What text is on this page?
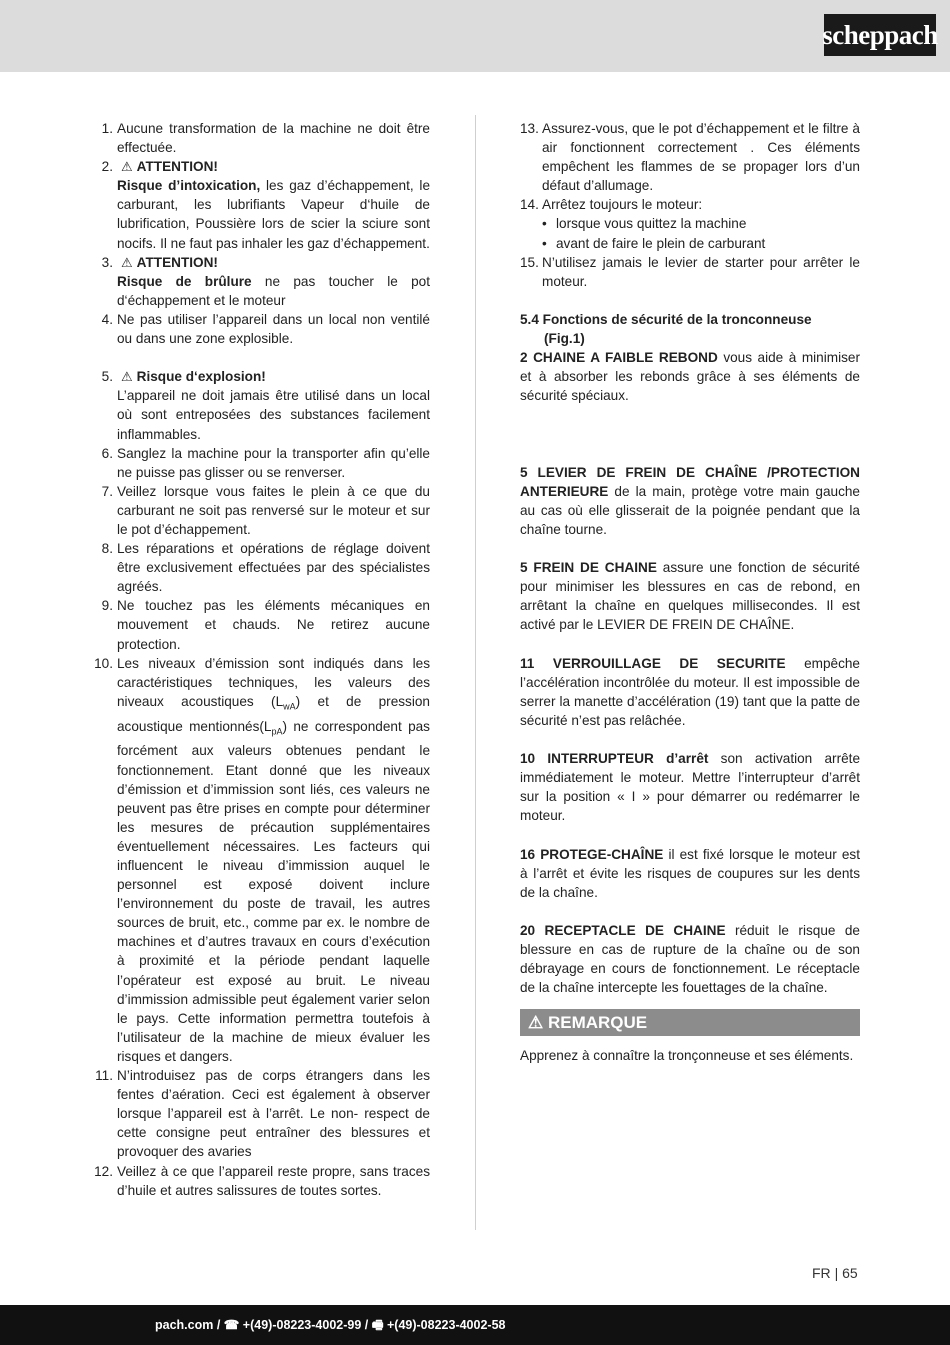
scheppach
1. Aucune transformation de la machine ne doit être effectuée.
2. ⚠ ATTENTION!
Risque d’intoxication, les gaz d’échappement, le carburant, les lubrifiants Vapeur d‘huile de lubrification, Poussière lors de scier la sciure sont nocifs. Il ne faut pas inhaler les gaz d’échappement.
3. ⚠ ATTENTION!
Risque de brûlure ne pas toucher le pot d‘échappement et le moteur
4. Ne pas utiliser l’appareil dans un local non ventilé ou dans une zone explosible.
5. ⚠ Risque d‘explosion!
L’appareil ne doit jamais être utilisé dans un local où sont entreposées des substances facilement inflammables.
6. Sanglez la machine pour la transporter afin qu’elle ne puisse pas glisser ou se renverser.
7. Veillez lorsque vous faites le plein à ce que du carburant ne soit pas renversé sur le moteur et sur le pot d’échappement.
8. Les réparations et opérations de réglage doivent être exclusivement effectuées par des spécialistes agréés.
9. Ne touchez pas les éléments mécaniques en mouvement et chauds. Ne retirez aucune protection.
10. Les niveaux d’émission sont indiqués dans les caractéristiques techniques, les valeurs des niveaux acoustiques $(L_{wA})$ et de pression acoustique $mentionnés(L_{pA})$ ne correspondent pas forcément aux valeurs obtenues pendant le fonctionnement. Etant donné que les niveaux d’émission et d’immission sont liés, ces valeurs ne peuvent pas être prises en compte pour déterminer les mesures de précaution supplémentaires éventuellement nécessaires. Les facteurs qui influencent le niveau d’immission auquel le personnel est exposé doivent inclure l’environnement du poste de travail, les autres sources de bruit, etc., comme par ex. le nombre de machines et d’autres travaux en cours d’exécution à proximité et la période pendant laquelle l’opérateur est exposé au bruit. Le niveau d’immission admissible peut également varier selon le pays. Cette information permettra toutefois à l’utilisateur de la machine de mieux évaluer les risques et dangers.
11. N’introduisez pas de corps étrangers dans les fentes d’aération. Ceci est également à observer lorsque l’appareil est à l’arrêt. Le non- respect de cette consigne peut entraîner des blessures et provoquer des avaries
12. Veillez à ce que l’appareil reste propre, sans traces d’huile et autres salissures de toutes sortes.
13. Assurez-vous, que le pot d’échappement et le filtre à air fonctionnent correctement . Ces éléments empêchent les flammes de se propager lors d’un défaut d’allumage.
14. Arrêtez toujours le moteur:
• lorsque vous quittez la machine
• avant de faire le plein de carburant
15. N’utilisez jamais le levier de starter pour arrêter le moteur.
5.4 Fonctions de sécurité de la tronconneuse
(Fig.1)
2 CHAINE A FAIBLE REBOND vous aide à minimiser et à absorber les rebonds grâce à ses éléments de sécurité spéciaux.
5 LEVIER DE FREIN DE CHAÎNE /PROTECTION ANTERIEURE de la main, protège votre main gauche au cas où elle glisserait de la poignée pendant que la chaîne tourne.
5 FREIN DE CHAINE assure une fonction de sécurité pour minimiser les blessures en cas de rebond, en arrêtant la chaîne en quelques millisecondes. Il est activé par le LEVIER DE FREIN DE CHAÎNE.
11 VERROUILLAGE DE SECURITE empêche l’accélération incontrôlée du moteur. Il est impossible de serrer la manette d’accélération (19) tant que la patte de sécurité n’est pas relâchée.
10 INTERRUPTEUR d’arrêt son activation arrête immédiatement le moteur. Mettre l’interrupteur d’arrêt sur la position « I » pour démarrer ou redémarrer le moteur.
16 PROTEGE-CHAÎNE il est fixé lorsque le moteur est à l’arrêt et évite les risques de coupures sur les dents de la chaîne.
20 RECEPTACLE DE CHAINE réduit le risque de blessure en cas de rupture de la chaîne ou de son débrayage en cours de fonctionnement. Le réceptacle de la chaîne intercepte les fouettages de la chaîne.
⚠ REMARQUE
Apprenez à connaître la tronçonneuse et ses éléments.
FR | 65
pach.com / ☎ +(49)-08223-4002-99 / 🖷 +(49)-08223-4002-58
